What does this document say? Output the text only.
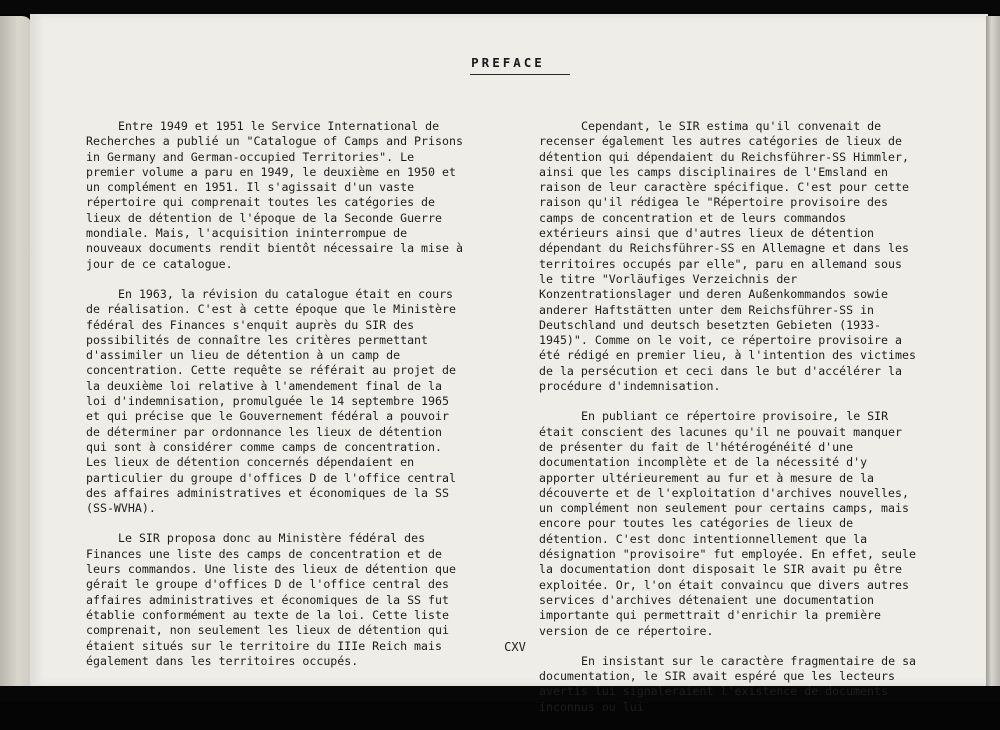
PREFACE

Entre 1949 et 1951 le Service International de Recherches a publié un "Catalogue of Camps and Prisons in Germany and German-occupied Territories". Le premier volume a paru en 1949, le deuxième en 1950 et un complément en 1951. Il s'agissait d'un vaste répertoire qui comprenait toutes les catégories de lieux de détention de l'époque de la Seconde Guerre mondiale. Mais, l'acquisition ininterrompue de nouveaux documents rendit bientôt nécessaire la mise à jour de ce catalogue.

En 1963, la révision du catalogue était en cours de réalisation. C'est à cette époque que le Ministère fédéral des Finances s'enquit auprès du SIR des possibilités de connaître les critères permettant d'assimiler un lieu de détention à un camp de concentration. Cette requête se référait au projet de la deuxième loi relative à l'amendement final de la loi d'indemnisation, promulguée le 14 septembre 1965 et qui précise que le Gouvernement fédéral a pouvoir de déterminer par ordonnance les lieux de détention qui sont à considérer comme camps de concentration. Les lieux de détention concernés dépendaient en particulier du groupe d'offices D de l'office central des affaires administratives et économiques de la SS (SS-WVHA).

Le SIR proposa donc au Ministère fédéral des Finances une liste des camps de concentration et de leurs commandos. Une liste des lieux de détention que gérait le groupe d'offices D de l'office central des affaires administratives et économiques de la SS fut établie conformément au texte de la loi. Cette liste comprenait, non seulement les lieux de détention qui étaient situés sur le territoire du IIIe Reich mais également dans les territoires occupés.

Cependant, le SIR estima qu'il convenait de recenser également les autres catégories de lieux de détention qui dépendaient du Reichsführer-SS Himmler, ainsi que les camps disciplinaires de l'Emsland en raison de leur caractère spécifique. C'est pour cette raison qu'il rédigea le "Répertoire provisoire des camps de concentration et de leurs commandos extérieurs ainsi que d'autres lieux de détention dépendant du Reichsführer-SS en Allemagne et dans les territoires occupés par elle", paru en allemand sous le titre "Vorläufiges Verzeichnis der Konzentrationslager und deren Außenkommandos sowie anderer Haftstätten unter dem Reichsführer-SS in Deutschland und deutsch besetzten Gebieten (1933-1945)". Comme on le voit, ce répertoire provisoire a été rédigé en premier lieu, à l'intention des victimes de la persécution et ceci dans le but d'accélérer la procédure d'indemnisation.

En publiant ce répertoire provisoire, le SIR était conscient des lacunes qu'il ne pouvait manquer de présenter du fait de l'hétérogénéité d'une documentation incomplète et de la nécessité d'y apporter ultérieurement au fur et à mesure de la découverte et de l'exploitation d'archives nouvelles, un complément non seulement pour certains camps, mais encore pour toutes les catégories de lieux de détention. C'est donc intentionnellement que la désignation "provisoire" fut employée. En effet, seule la documentation dont disposait le SIR avait pu être exploitée. Or, l'on était convaincu que divers autres services d'archives détenaient une documentation importante qui permettrait d'enrichir la première version de ce répertoire.

En insistant sur le caractère fragmentaire de sa documentation, le SIR avait espéré que les lecteurs avertis lui signaleraient l'existence de documents inconnus ou lui

CXV
